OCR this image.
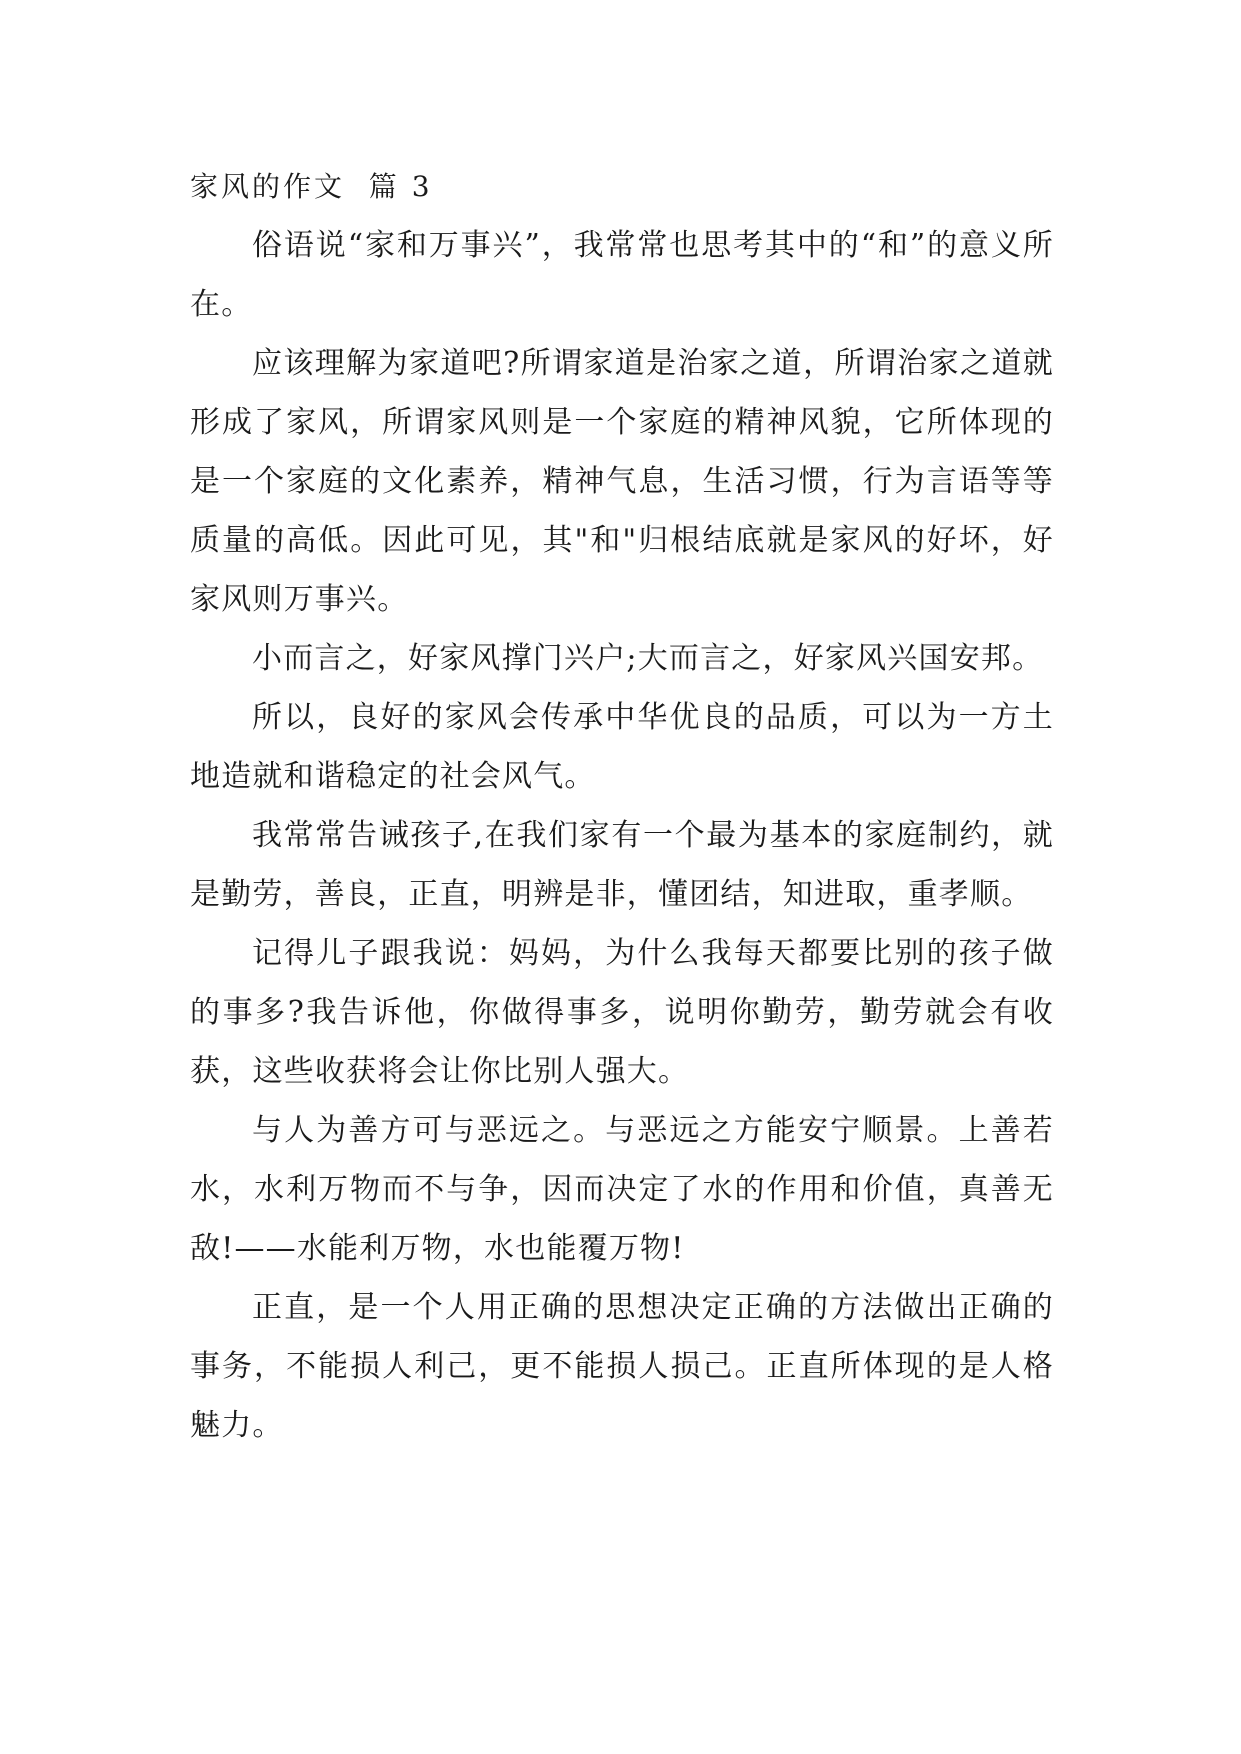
家风的作文  篇 3

俗语说“家和万事兴”，我常常也思考其中的“和”的意义所在。

应该理解为家道吧?所谓家道是治家之道，所谓治家之道就形成了家风，所谓家风则是一个家庭的精神风貌，它所体现的是一个家庭的文化素养，精神气息，生活习惯，行为言语等等质量的高低。因此可见，其"和"归根结底就是家风的好坏，好家风则万事兴。

小而言之，好家风撑门兴户;大而言之，好家风兴国安邦。

所以，良好的家风会传承中华优良的品质，可以为一方土地造就和谐稳定的社会风气。

我常常告诫孩子,在我们家有一个最为基本的家庭制约，就是勤劳，善良，正直，明辨是非，懂团结，知进取，重孝顺。

记得儿子跟我说：妈妈，为什么我每天都要比别的孩子做的事多?我告诉他，你做得事多，说明你勤劳，勤劳就会有收获，这些收获将会让你比别人强大。

与人为善方可与恶远之。与恶远之方能安宁顺景。上善若水，水利万物而不与争，因而决定了水的作用和价值，真善无敌!——水能利万物，水也能覆万物!

正直，是一个人用正确的思想决定正确的方法做出正确的事务，不能损人利己，更不能损人损己。正直所体现的是人格魅力。
